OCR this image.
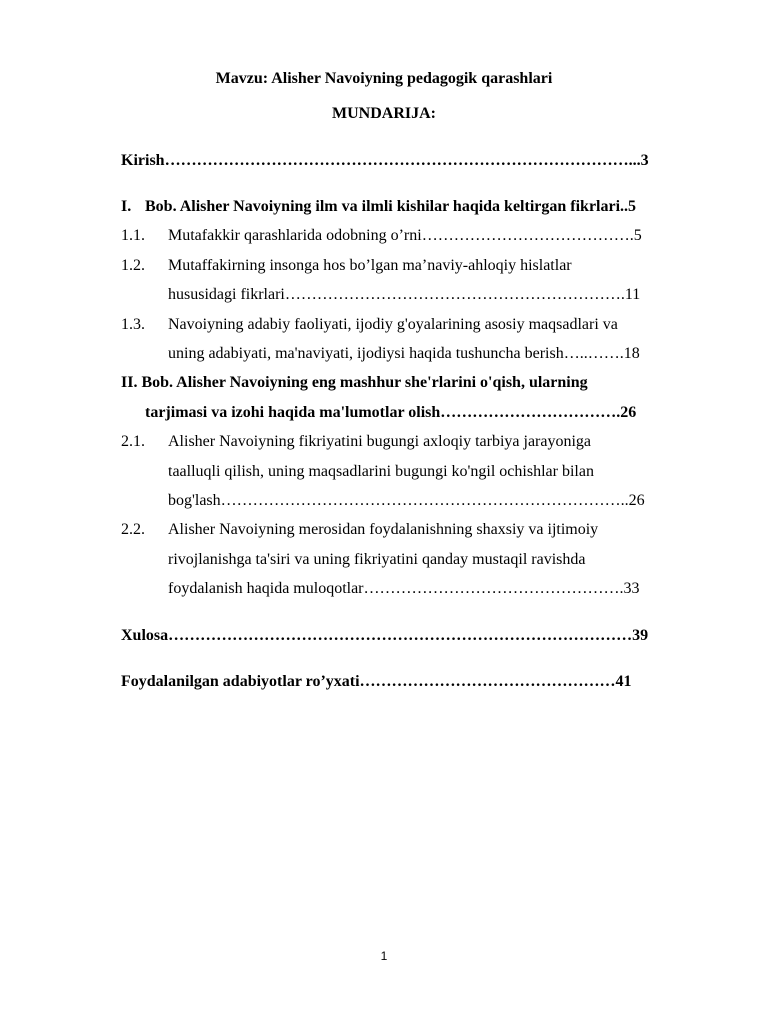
Mavzu: Alisher Navoiyning pedagogik qarashlari
MUNDARIJA:
Kirish……………………………………………………………………………...3
I. Bob. Alisher Navoiyning ilm va ilmli kishilar haqida keltirgan fikrlari..5
1.1. Mutafakkir qarashlarida odobning o’rni………………………………….5
1.2. Mutaffakirning insonga hos bo’lgan ma’naviy-ahloqiy hislatlar
hususidagi fikrlari……………………………………………………….11
1.3. Navoiyning adabiy faoliyati, ijodiy g'oyalarining asosiy maqsadlari va
uning adabiyati, ma'naviyati, ijodiysi haqida tushuncha berish…..…….18
II. Bob. Alisher Navoiyning eng mashhur she'rlarini o'qish, ularning
tarjimasi va izohi haqida ma'lumotlar olish…………………………….26
2.1. Alisher Navoiyning fikriyatini bugungi axloqiy tarbiya jarayoniga
taalluqli qilish, uning maqsadlarini bugungi ko'ngil ochishlar bilan
bog'lash…………………………………………………………………..26
2.2. Alisher Navoiyning merosidan foydalanishning shaxsiy va ijtimoiy
rivojlanishga ta'siri va uning fikriyatini qanday mustaqil ravishda
foydalanish haqida muloqotlar………………………………………….33
Xulosa……………………………………………………………………………39
Foydalanilgan adabiyotlar ro’yxati…………………………………………41
1
